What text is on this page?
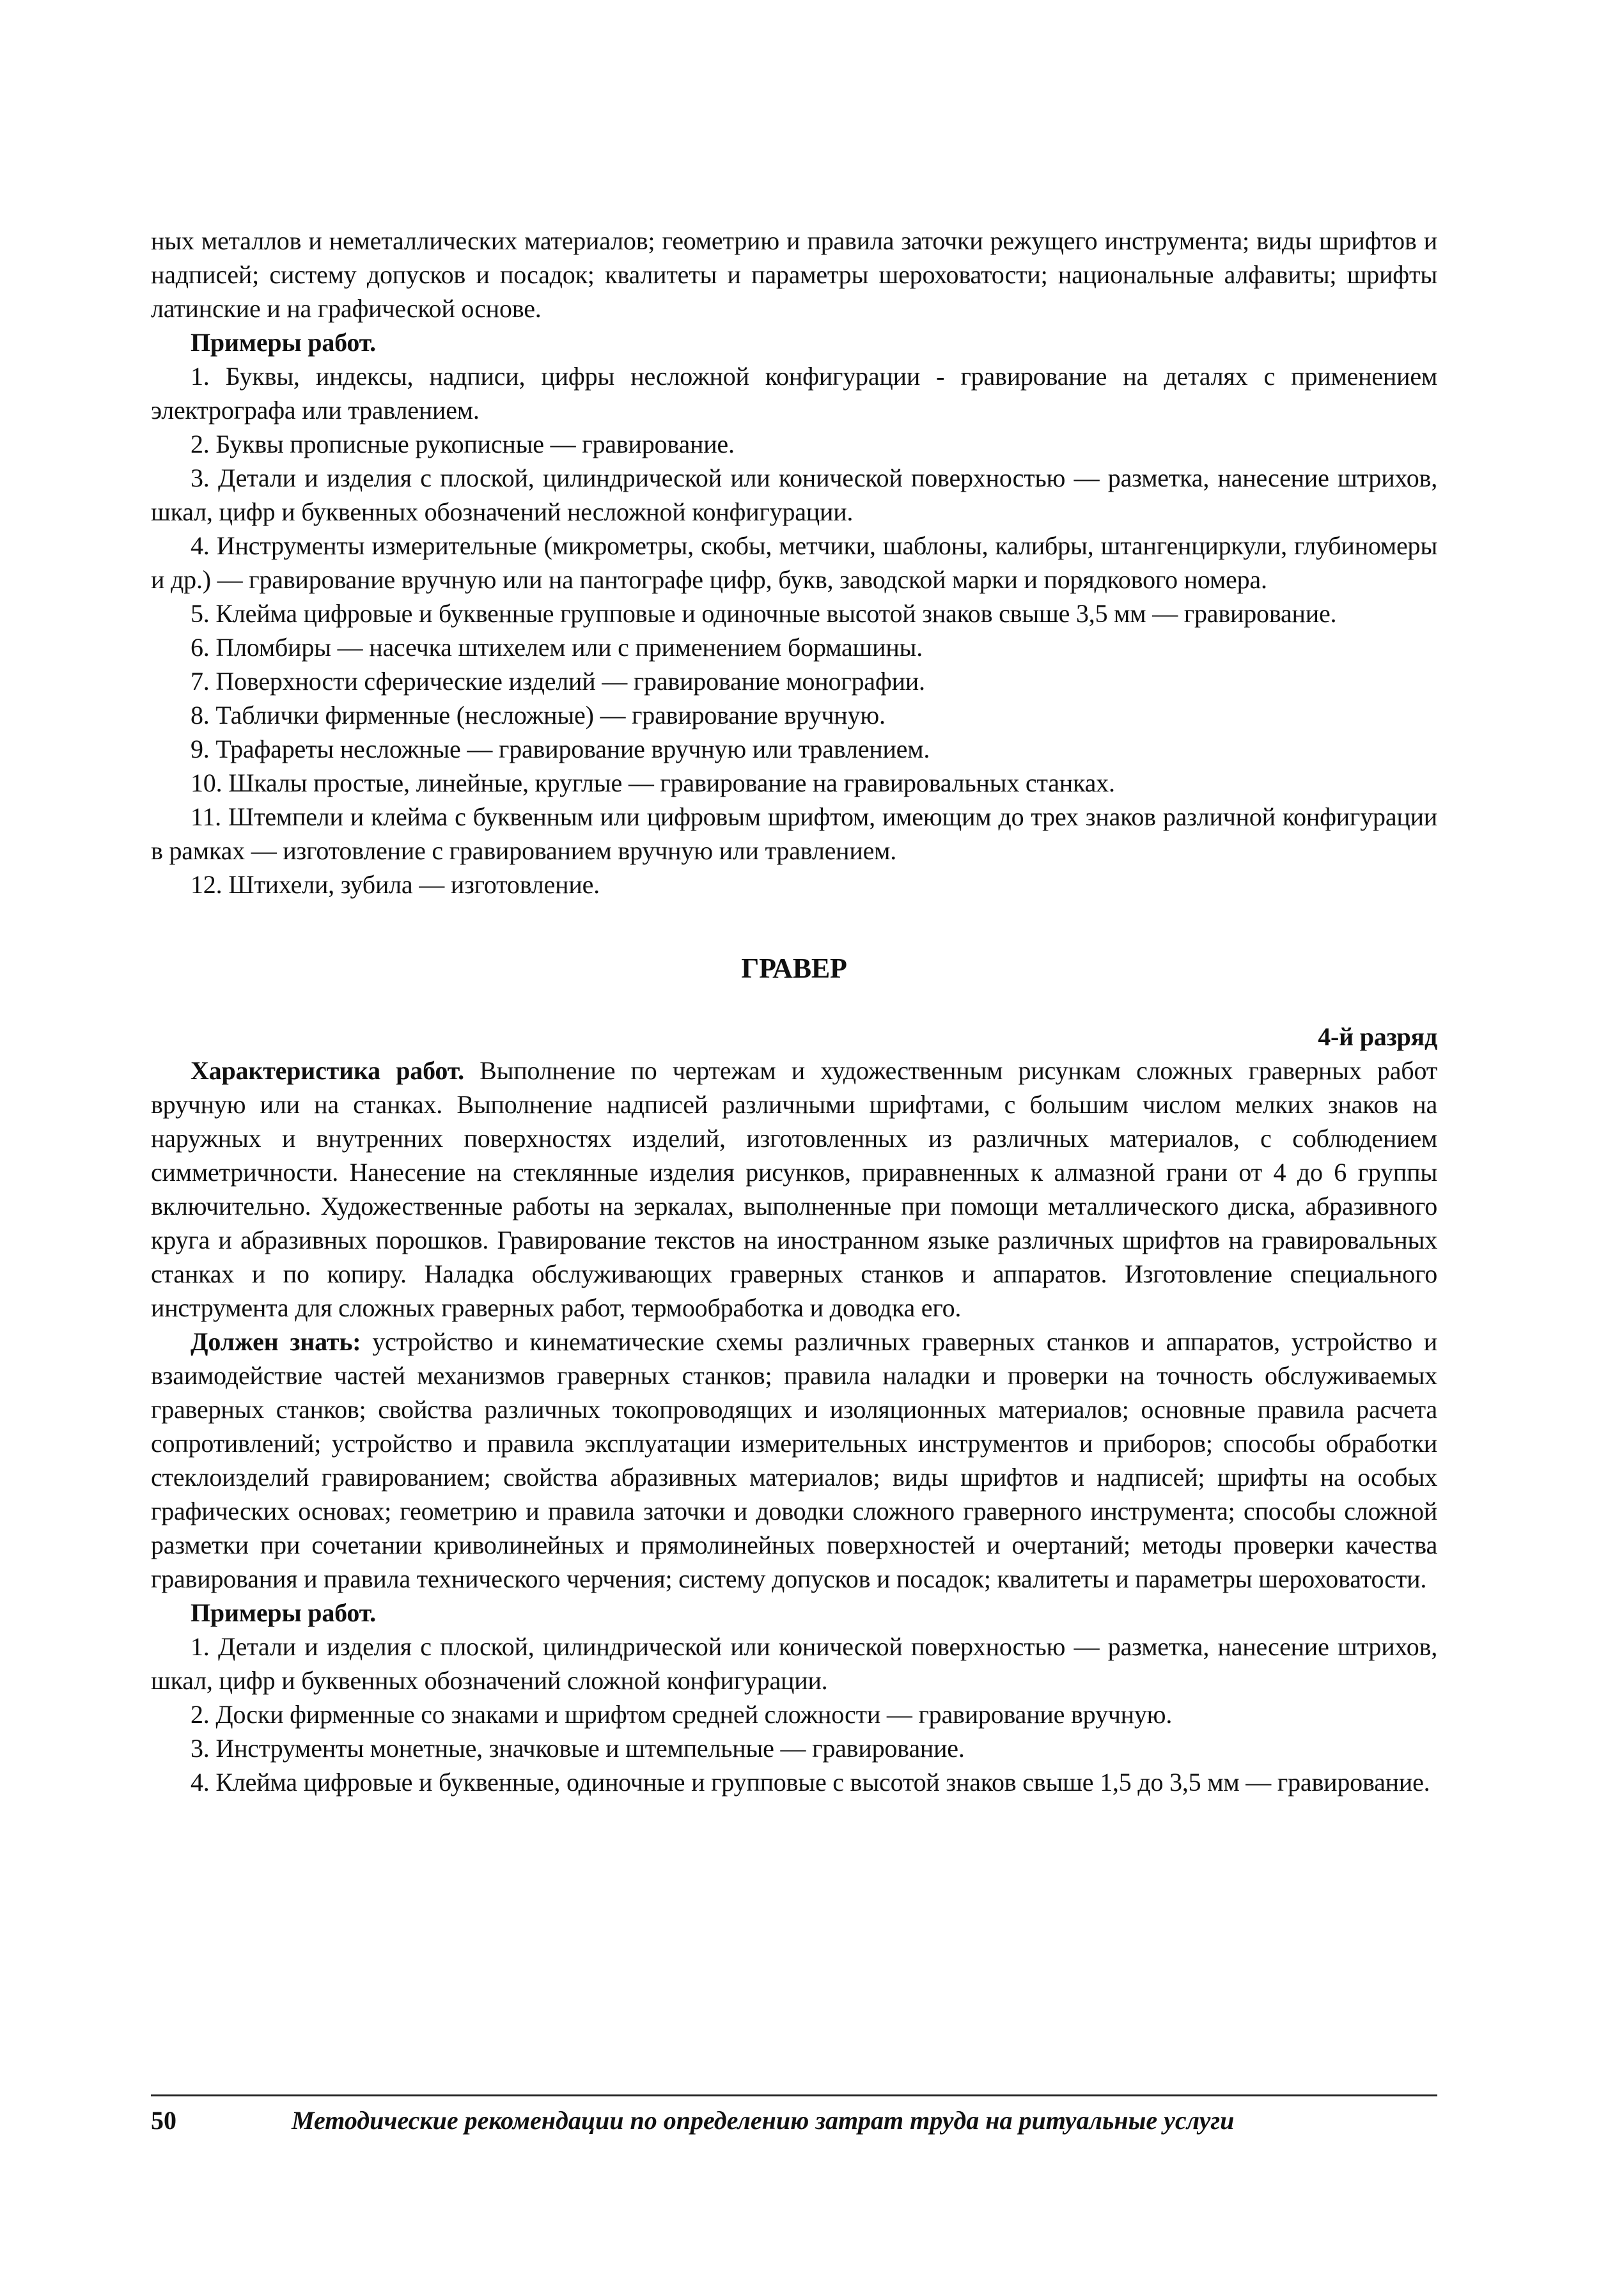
ных металлов и неметаллических материалов; геометрию и правила заточки режущего инструмента; виды шрифтов и надписей; систему допусков и посадок; квалитеты и параметры шероховатости; национальные алфавиты; шрифты латинские и на графической основе.

Примеры работ.

1. Буквы, индексы, надписи, цифры несложной конфигурации - гравирование на деталях с применением электрографа или травлением.

2. Буквы прописные рукописные — гравирование.

3. Детали и изделия с плоской, цилиндрической или конической поверхностью — разметка, нанесение штрихов, шкал, цифр и буквенных обозначений несложной конфигурации.

4. Инструменты измерительные (микрометры, скобы, метчики, шаблоны, калибры, штангенциркули, глубиномеры и др.) — гравирование вручную или на пантографе цифр, букв, заводской марки и порядкового номера.

5. Клейма цифровые и буквенные групповые и одиночные высотой знаков свыше 3,5 мм — гравирование.

6. Пломбиры — насечка штихелем или с применением бормашины.

7. Поверхности сферические изделий — гравирование монографии.

8. Таблички фирменные (несложные) — гравирование вручную.

9. Трафареты несложные — гравирование вручную или травлением.

10. Шкалы простые, линейные, круглые — гравирование на гравировальных станках.

11. Штемпели и клейма с буквенным или цифровым шрифтом, имеющим до трех знаков различной конфигурации в рамках — изготовление с гравированием вручную или травлением.

12. Штихели, зубила — изготовление.

ГРАВЕР

4-й разряд

Характеристика работ. Выполнение по чертежам и художественным рисункам сложных граверных работ вручную или на станках. Выполнение надписей различными шрифтами, с большим числом мелких знаков на наружных и внутренних поверхностях изделий, изготовленных из различных материалов, с соблюдением симметричности. Нанесение на стеклянные изделия рисунков, приравненных к алмазной грани от 4 до 6 группы включительно. Художественные работы на зеркалах, выполненные при помощи металлического диска, абразивного круга и абразивных порошков. Гравирование текстов на иностранном языке различных шрифтов на гравировальных станках и по копиру. Наладка обслуживающих граверных станков и аппаратов. Изготовление специального инструмента для сложных граверных работ, термообработка и доводка его.

Должен знать: устройство и кинематические схемы различных граверных станков и аппаратов, устройство и взаимодействие частей механизмов граверных станков; правила наладки и проверки на точность обслуживаемых граверных станков; свойства различных токопроводящих и изоляционных материалов; основные правила расчета сопротивлений; устройство и правила эксплуатации измерительных инструментов и приборов; способы обработки стеклоизделий гравированием; свойства абразивных материалов; виды шрифтов и надписей; шрифты на особых графических основах; геометрию и правила заточки и доводки сложного граверного инструмента; способы сложной разметки при сочетании криволинейных и прямолинейных поверхностей и очертаний; методы проверки качества гравирования и правила технического черчения; систему допусков и посадок; квалитеты и параметры шероховатости.

Примеры работ.

1. Детали и изделия с плоской, цилиндрической или конической поверхностью — разметка, нанесение штрихов, шкал, цифр и буквенных обозначений сложной конфигурации.

2. Доски фирменные со знаками и шрифтом средней сложности — гравирование вручную.

3. Инструменты монетные, значковые и штемпельные — гравирование.

4. Клейма цифровые и буквенные, одиночные и групповые с высотой знаков свыше 1,5 до 3,5 мм — гравирование.

50	Методические рекомендации по определению затрат труда на ритуальные услуги
